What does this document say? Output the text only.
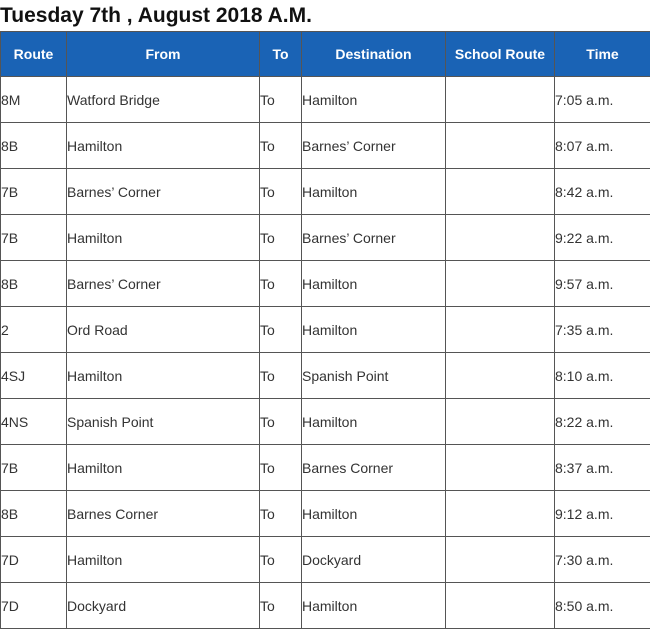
Tuesday 7th , August 2018 A.M.
Route	From	To	Destination	School Route	Time
8M	Watford Bridge	To	Hamilton		7:05 a.m.
8B	Hamilton	To	Barnes’ Corner		8:07 a.m.
7B	Barnes’ Corner	To	Hamilton		8:42 a.m.
7B	Hamilton	To	Barnes’ Corner		9:22 a.m.
8B	Barnes’ Corner	To	Hamilton		9:57 a.m.
2	Ord Road	To	Hamilton		7:35 a.m.
4SJ	Hamilton	To	Spanish Point		8:10 a.m.
4NS	Spanish Point	To	Hamilton		8:22 a.m.
7B	Hamilton	To	Barnes Corner		8:37 a.m.
8B	Barnes Corner	To	Hamilton		9:12 a.m.
7D	Hamilton	To	Dockyard		7:30 a.m.
7D	Dockyard	To	Hamilton		8:50 a.m.
